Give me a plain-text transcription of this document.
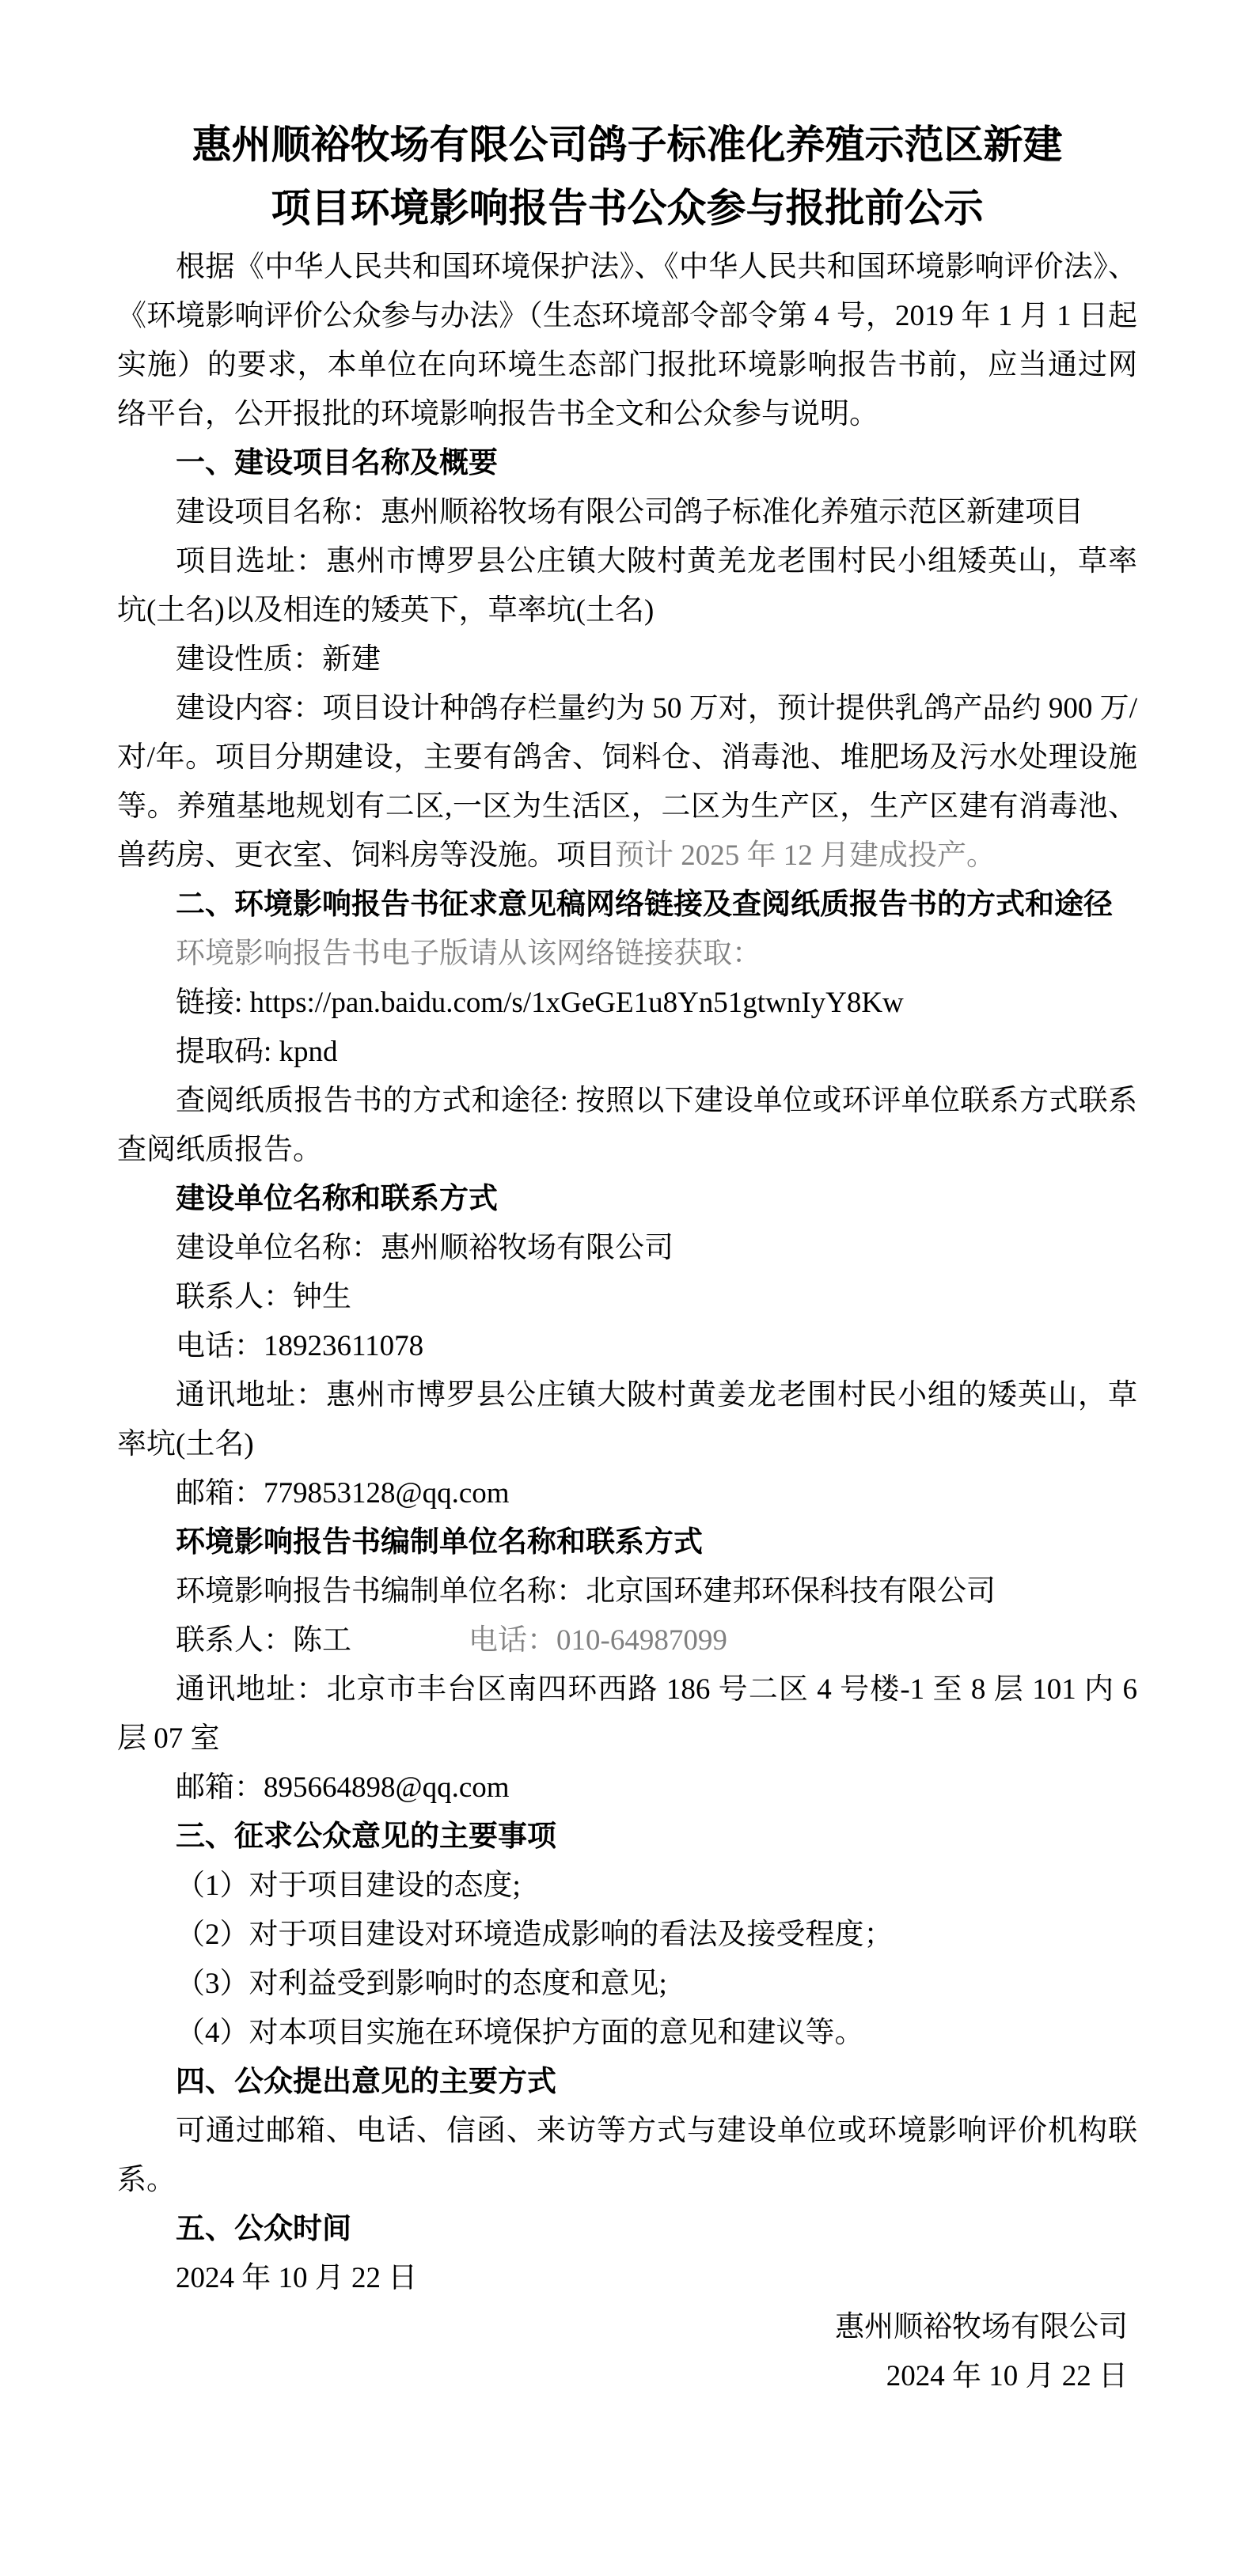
惠州顺裕牧场有限公司鸽子标准化养殖示范区新建
项目环境影响报告书公众参与报批前公示

根据《中华人民共和国环境保护法》、《中华人民共和国环境影响评价法》、《环境影响评价公众参与办法》（生态环境部令部令第 4 号，2019 年 1 月 1 日起实施）的要求，本单位在向环境生态部门报批环境影响报告书前，应当通过网络平台，公开报批的环境影响报告书全文和公众参与说明。

一、建设项目名称及概要

建设项目名称：惠州顺裕牧场有限公司鸽子标准化养殖示范区新建项目

项目选址：惠州市博罗县公庄镇大陂村黄羌龙老围村民小组矮英山，草率坑(土名)以及相连的矮英下，草率坑(土名)

建设性质：新建

建设内容：项目设计种鸽存栏量约为 50 万对，预计提供乳鸽产品约 900 万/对/年。项目分期建设，主要有鸽舍、饲料仓、消毒池、堆肥场及污水处理设施等。养殖基地规划有二区,一区为生活区，二区为生产区，生产区建有消毒池、兽药房、更衣室、饲料房等没施。项目预计 2025 年 12 月建成投产。

二、环境影响报告书征求意见稿网络链接及查阅纸质报告书的方式和途径

环境影响报告书电子版请从该网络链接获取：

链接: https://pan.baidu.com/s/1xGeGE1u8Yn51gtwnIyY8Kw

提取码: kpnd

查阅纸质报告书的方式和途径: 按照以下建设单位或环评单位联系方式联系查阅纸质报告。

建设单位名称和联系方式

建设单位名称：惠州顺裕牧场有限公司

联系人：钟生

电话：18923611078

通讯地址：惠州市博罗县公庄镇大陂村黄姜龙老围村民小组的矮英山，草率坑(土名)

邮箱：779853128@qq.com

环境影响报告书编制单位名称和联系方式

环境影响报告书编制单位名称：北京国环建邦环保科技有限公司

联系人：陈工　　　　	电话：010-64987099

通讯地址：北京市丰台区南四环西路 186 号二区 4 号楼-1 至 8 层 101 内 6 层 07 室

邮箱：895664898@qq.com

三、征求公众意见的主要事项

（1）对于项目建设的态度;

（2）对于项目建设对环境造成影响的看法及接受程度；

（3）对利益受到影响时的态度和意见;

（4）对本项目实施在环境保护方面的意见和建议等。

四、公众提出意见的主要方式

可通过邮箱、电话、信函、来访等方式与建设单位或环境影响评价机构联系。

五、公众时间

2024 年 10 月 22 日

惠州顺裕牧场有限公司

2024 年 10 月 22 日
